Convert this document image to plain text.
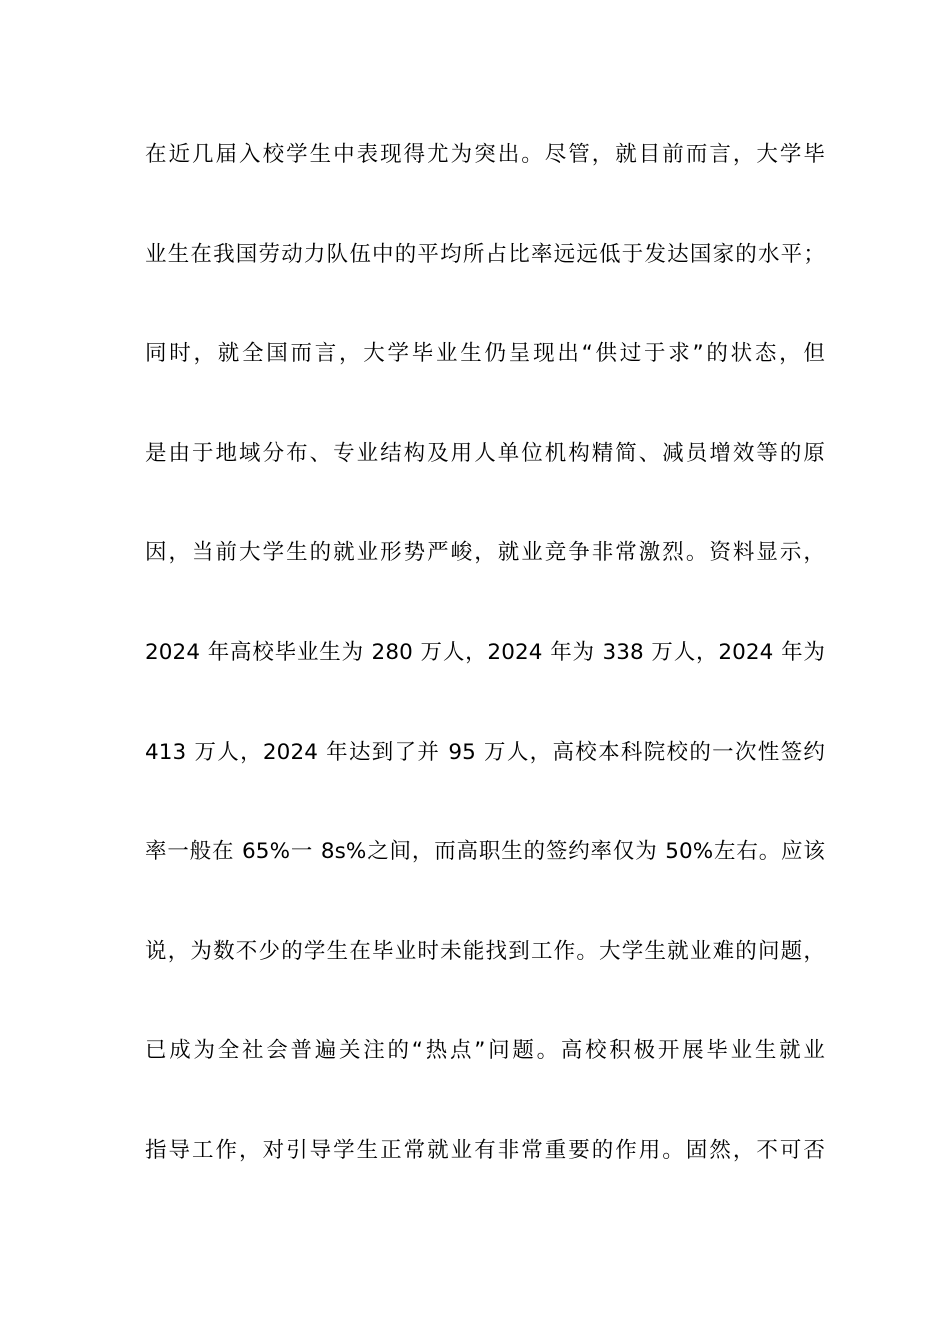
在近几届入校学生中表现得尤为突出。尽管，就目前而言，大学毕
业生在我国劳动力队伍中的平均所占比率远远低于发达国家的水平；
同时，就全国而言，大学毕业生仍呈现出“供过于求”的状态，但
是由于地域分布、专业结构及用人单位机构精简、减员增效等的原
因，当前大学生的就业形势严峻，就业竞争非常激烈。资料显示，
2024 年高校毕业生为 280 万人，2024 年为 338 万人，2024 年为
413 万人，2024 年达到了并 95 万人，高校本科院校的一次性签约
率一般在 65%一 8s%之间，而高职生的签约率仅为 50%左右。应该
说，为数不少的学生在毕业时未能找到工作。大学生就业难的问题，
已成为全社会普遍关注的“热点”问题。高校积极开展毕业生就业
指导工作，对引导学生正常就业有非常重要的作用。固然，不可否
